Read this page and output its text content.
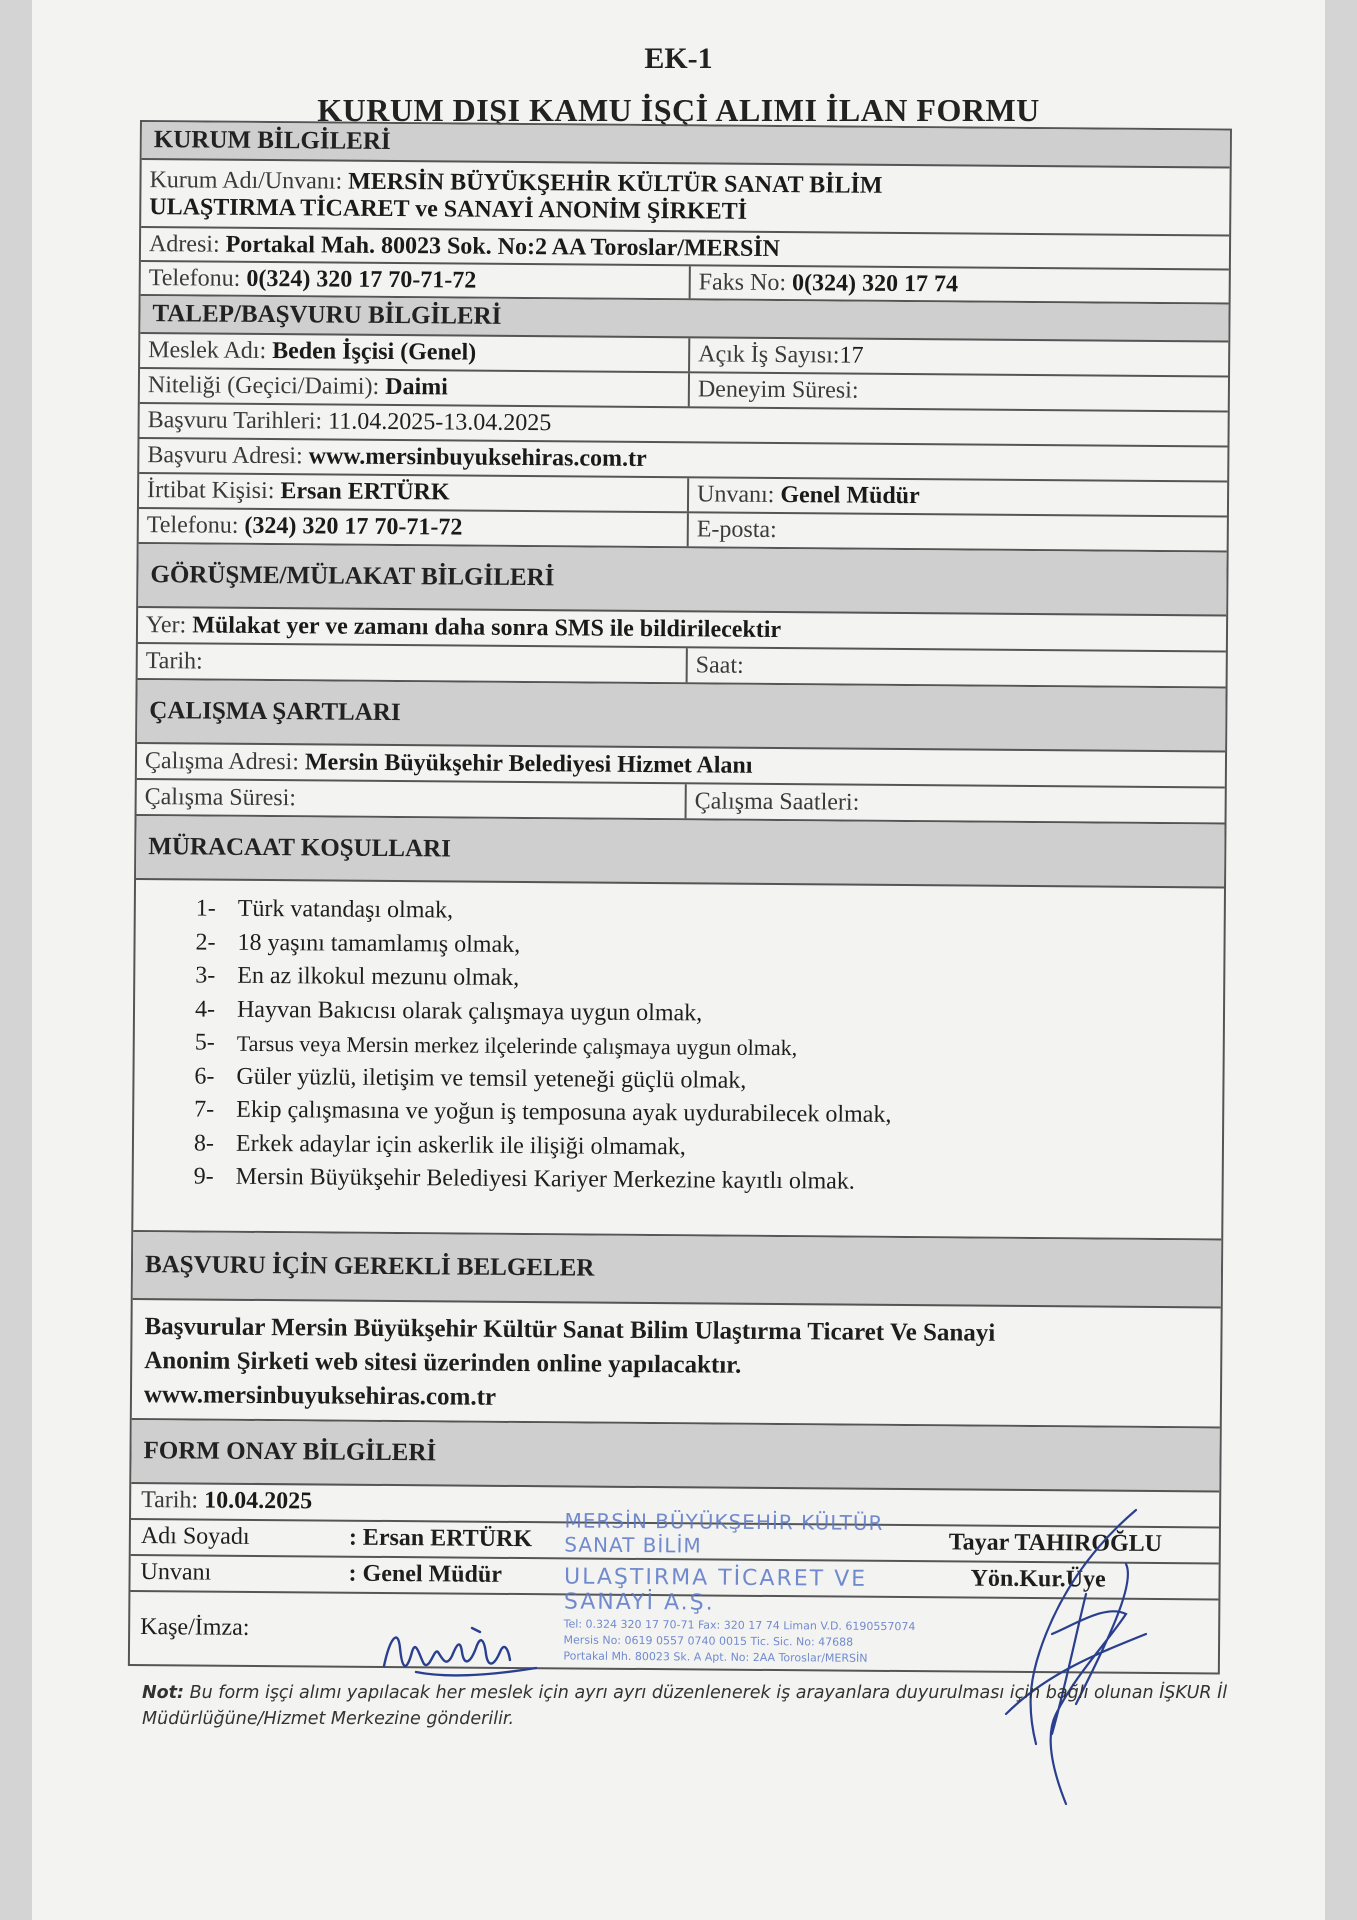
EK-1
KURUM DIŞI KAMU İŞÇİ ALIMI İLAN FORMU
KURUM BİLGİLERİ
Kurum Adı/Unvanı: MERSİN BÜYÜKŞEHİR KÜLTÜR SANAT BİLİM
ULAŞTIRMA TİCARET ve SANAYİ ANONİM ŞİRKETİ
Adresi: Portakal Mah. 80023 Sok. No:2 AA Toroslar/MERSİN
Telefonu: 0(324) 320 17 70-71-72	Faks No: 0(324) 320 17 74
TALEP/BAŞVURU BİLGİLERİ
Meslek Adı: Beden İşçisi (Genel)	Açık İş Sayısı: 17
Niteliği (Geçici/Daimi): Daimi	Deneyim Süresi:
Başvuru Tarihleri: 11.04.2025-13.04.2025
Başvuru Adresi: www.mersinbuyuksehiras.com.tr
İrtibat Kişisi: Ersan ERTÜRK	Unvanı: Genel Müdür
Telefonu: (324) 320 17 70-71-72	E-posta:
GÖRÜŞME/MÜLAKAT BİLGİLERİ
Yer: Mülakat yer ve zamanı daha sonra SMS ile bildirilecektir
Tarih:	Saat:
ÇALIŞMA ŞARTLARI
Çalışma Adresi: Mersin Büyükşehir Belediyesi Hizmet Alanı
Çalışma Süresi:	Çalışma Saatleri:
MÜRACAAT KOŞULLARI
1- Türk vatandaşı olmak,
2- 18 yaşını tamamlamış olmak,
3- En az ilkokul mezunu olmak,
4- Hayvan Bakıcısı olarak çalışmaya uygun olmak,
5- Tarsus veya Mersin merkez ilçelerinde çalışmaya uygun olmak,
6- Güler yüzlü, iletişim ve temsil yeteneği güçlü olmak,
7- Ekip çalışmasına ve yoğun iş temposuna ayak uydurabilecek olmak,
8- Erkek adaylar için askerlik ile ilişiği olmamak,
9- Mersin Büyükşehir Belediyesi Kariyer Merkezine kayıtlı olmak.
BAŞVURU İÇİN GEREKLİ BELGELER
Başvurular Mersin Büyükşehir Kültür Sanat Bilim Ulaştırma Ticaret Ve Sanayi
Anonim Şirketi web sitesi üzerinden online yapılacaktır.
www.mersinbuyuksehiras.com.tr
FORM ONAY BİLGİLERİ
Tarih: 10.04.2025
Adı Soyadı	: Ersan ERTÜRK	Tayar TAHIROĞLU
Unvanı	: Genel Müdür	Yön.Kur.Üye
Kaşe/İmza:
MERSİN BÜYÜKŞEHİR KÜLTÜR SANAT BİLİM
ULAŞTIRMA TİCARET VE SANAYİ A.Ş.
Tel: 0.324 320 17 70-71 Fax: 320 17 74 Liman V.D. 6190557074
Mersis No: 0619 0557 0740 0015 Tic. Sic. No: 47688
Portakal Mh. 80023 Sk. A Apt. No: 2AA Toroslar/MERSİN
Not: Bu form işçi alımı yapılacak her meslek için ayrı ayrı düzenlenerek iş arayanlara duyurulması için bağlı olunan İŞKUR İl Müdürlüğüne/Hizmet Merkezine gönderilir.
